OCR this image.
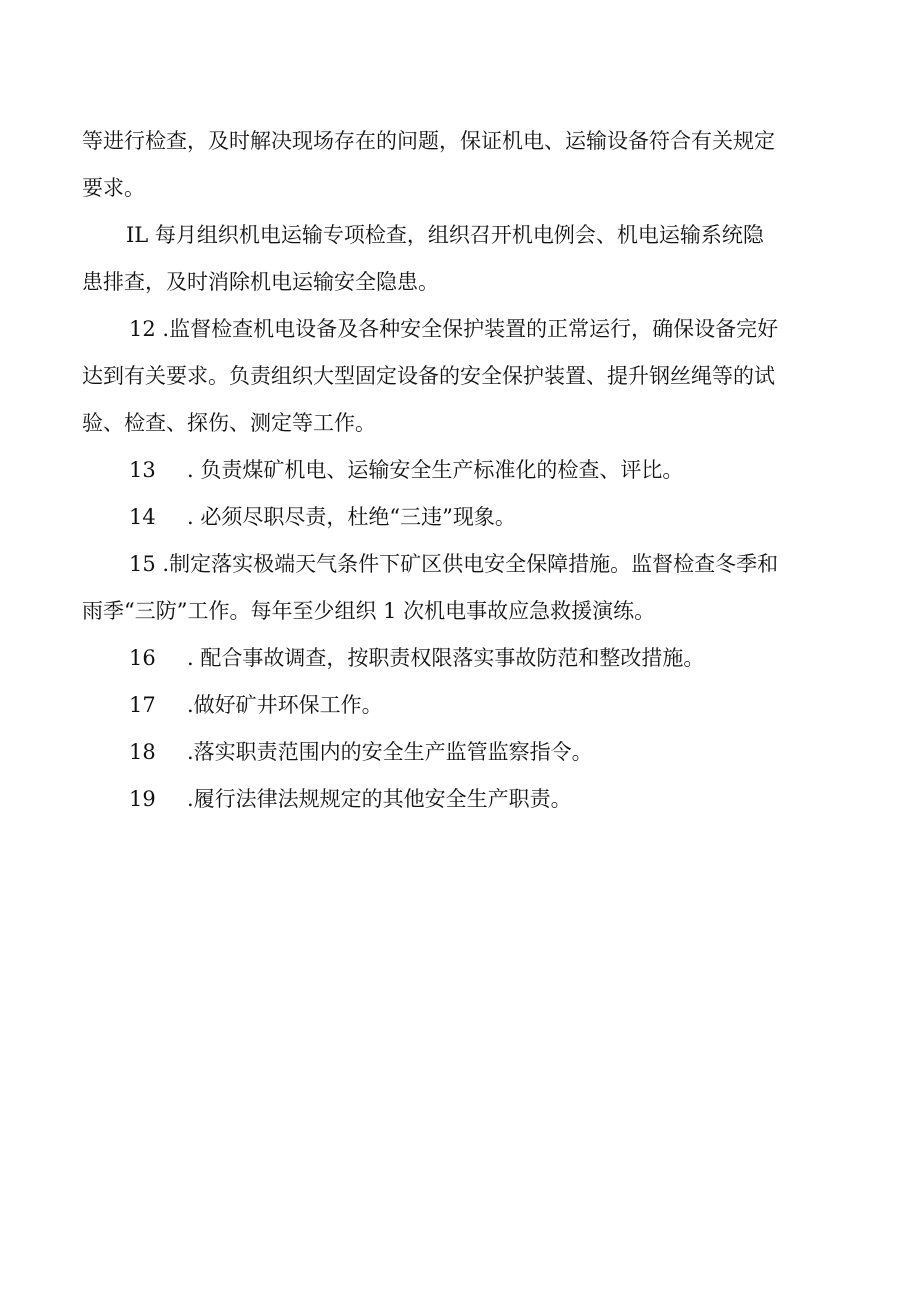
等进行检查，及时解决现场存在的问题，保证机电、运输设备符合有关规定
要求。
IL 每月组织机电运输专项检查，组织召开机电例会、机电运输系统隐
患排查，及时消除机电运输安全隐患。
12 .监督检查机电设备及各种安全保护装置的正常运行，确保设备完好
达到有关要求。负责组织大型固定设备的安全保护装置、提升钢丝绳等的试
验、检查、探伤、测定等工作。
13	. 负责煤矿机电、运输安全生产标准化的检查、评比。
14	. 必须尽职尽责，杜绝“三违”现象。
15 .制定落实极端天气条件下矿区供电安全保障措施。监督检查冬季和
雨季“三防”工作。每年至少组织 1 次机电事故应急救援演练。
16	. 配合事故调查，按职责权限落实事故防范和整改措施。
17	.做好矿井环保工作。
18	.落实职责范围内的安全生产监管监察指令。
19	.履行法律法规规定的其他安全生产职责。
